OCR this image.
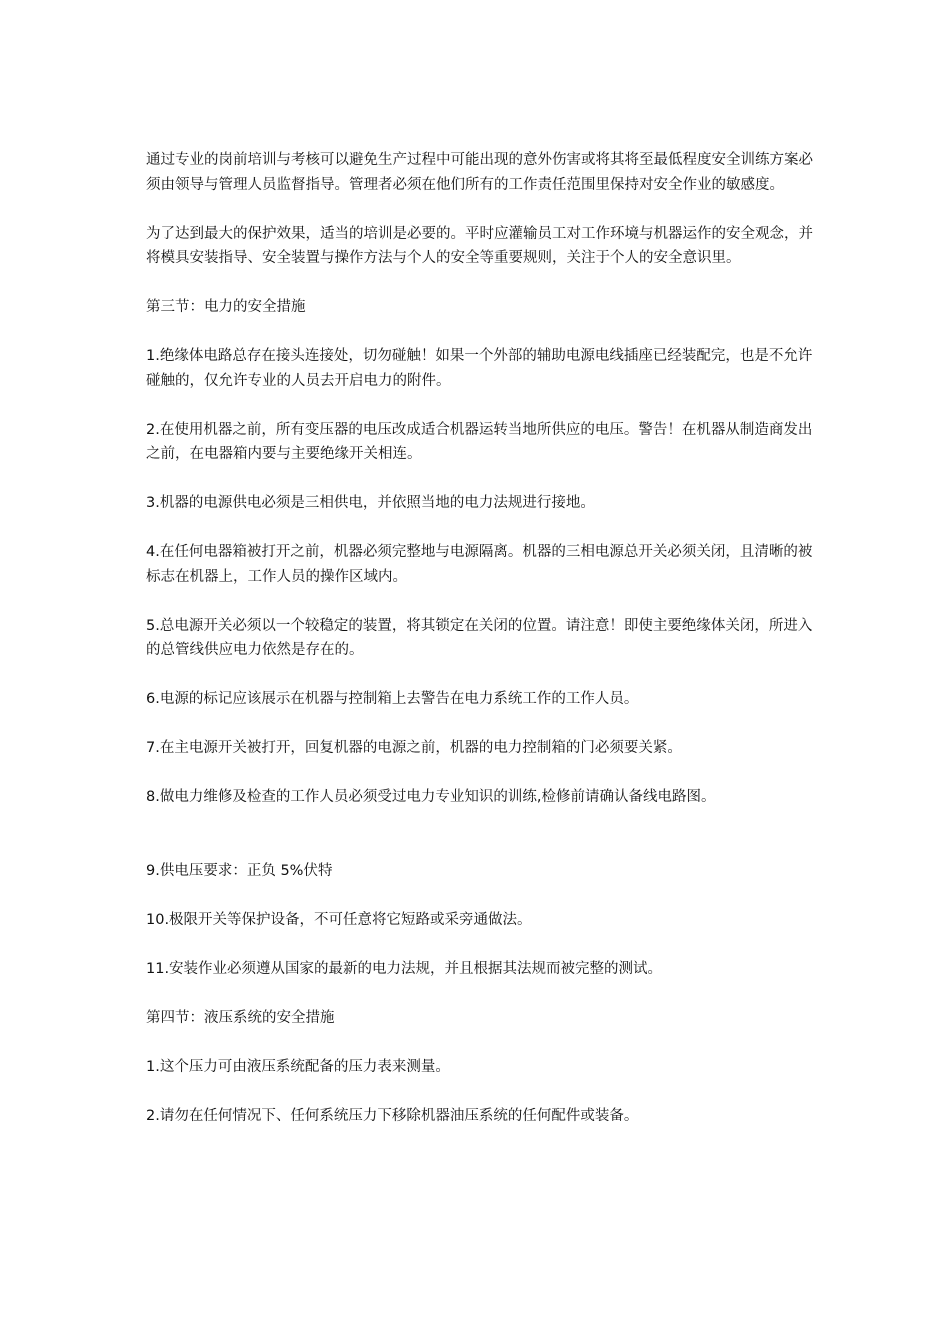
通过专业的岗前培训与考核可以避免生产过程中可能出现的意外伤害或将其将至最低程度安全训练方案必须由领导与管理人员监督指导。管理者必须在他们所有的工作责任范围里保持对安全作业的敏感度。

为了达到最大的保护效果，适当的培训是必要的。平时应灌输员工对工作环境与机器运作的安全观念，并将模具安装指导、安全装置与操作方法与个人的安全等重要规则，关注于个人的安全意识里。

第三节：电力的安全措施

1.绝缘体电路总存在接头连接处，切勿碰触！如果一个外部的辅助电源电线插座已经装配完，也是不允许碰触的，仅允许专业的人员去开启电力的附件。

2.在使用机器之前，所有变压器的电压改成适合机器运转当地所供应的电压。警告！在机器从制造商发出之前，在电器箱内要与主要绝缘开关相连。

3.机器的电源供电必须是三相供电，并依照当地的电力法规进行接地。

4.在任何电器箱被打开之前，机器必须完整地与电源隔离。机器的三相电源总开关必须关闭，且清晰的被标志在机器上，工作人员的操作区域内。

5.总电源开关必须以一个较稳定的装置，将其锁定在关闭的位置。请注意！即使主要绝缘体关闭，所进入的总管线供应电力依然是存在的。

6.电源的标记应该展示在机器与控制箱上去警告在电力系统工作的工作人员。

7.在主电源开关被打开，回复机器的电源之前，机器的电力控制箱的门必须要关紧。

8.做电力维修及检查的工作人员必须受过电力专业知识的训练,检修前请确认备线电路图。

9.供电压要求：正负 5%伏特

10.极限开关等保护设备，不可任意将它短路或采旁通做法。

11.安装作业必须遵从国家的最新的电力法规，并且根据其法规而被完整的测试。

第四节：液压系统的安全措施

1.这个压力可由液压系统配备的压力表来测量。

2.请勿在任何情况下、任何系统压力下移除机器油压系统的任何配件或装备。
